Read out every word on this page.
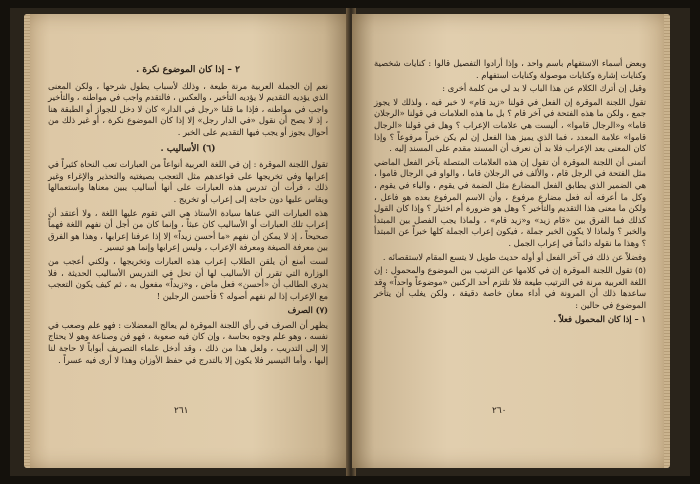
٢ – إذا كان الموضوع نكرة .

نعم إن الجملة العربية مرنة طيعة ، وذلك لأسباب يطول شرحها ، ولكن المعنى الذي يؤديه التقديم لا يؤديه التأخير ، والعكس ، فالتقدم واجب في مواطنه ، والتأخير واجب في مواطنه ، فإذا ما قلنا «رجل في الدار» كان لا دخل للجواز أو الطبقة هنا ، إذ لا يصح أن نقول «في الدار رجل» إلا إذا كان الموضوع نكرة ، أو غير ذلك من أحوال يجوز أو يجب فيها التقديم على الخبر .

(٦) الأساليب .

تقول اللجنة الموقرة : إن في اللغة العربية أنواعاً من العبارات تعب النحاة كثيراً في إعرابها وفي تخريجها على قواعدهم مثل التعجب بصيغتيه والتحذير والإغراء وغير ذلك ، فرأت أن تدرس هذه العبارات على أنها أساليب يبين معناها واستعمالها ويقاس عليها دون حاجة إلى إعراب أو تخريج .

هذه العبارات التي عناها سيادة الأستاذ هي التي تقوم عليها اللغة ، ولا أعتقد أن إعراب تلك العبارات أو الأساليب كان عبثاً ، وإنما كان من أجل أن نفهم اللغة فهماً صحيحاً ، إذ لا يمكن أن نفهم «ما أحسن زيداً» إلا إذا عرفنا إعرابها ، وهذا هو الفرق بين معرفة الصيغة ومعرفة الإعراب ، وليس إعرابها وإنما هو تيسير .

لست أمنع أن يلقن الطلاب إعراب هذه العبارات وتخريجها ، ولكني أعجب من الوزارة التي تقرر أن الأساليب لها أن تحل في التدريس الأساليب الحديثة ، فلا يدري الطالب أن «أحسن» فعل ماض ، و«زيداً» مفعول به ، ثم كيف يكون التعجب مع الإعراب إذا لم نفهم أصوله ؟ فأحسن الرجلين !

(٧) الصرف

يظهر أن الصرف في رأي اللجنة الموقرة لم يعالج المعضلات : فهو علم وصعب في نفسه ، وهو علم وجوه بحاسة ، وإن كان فيه صعوبة ، فهو فن وصناعة وهو لا يحتاج إلا إلى التدريب ، ولعل هذا من ذلك ، وقد أدخل علماء التصريف أبواباً لا حاجة لنا إليها ، وأما التيسير فلا يكون إلا بالتدرج في حفظ الأوزان وهذا لا أرى فيه عسراً .

٢٦١

وبعض أسماء الاستفهام باسم واحد ، وإذا أرادوا التفصيل قالوا : كنايات شخصية وكنايات إشارة وكنايات موصولة وكنايات استفهام .

وقيل إن أترك الكلام عن هذا الباب لا بد لي من كلمة أخرى :

تقول اللجنة الموقرة إن الفعل في قولنا «زيد قام» لا خبر فيه ، ولذلك لا يجوز جمع ، ولكن ما هذه الفتحة في آخر قام ؟ بل ما هذه العلامات في قولنا «الرجلان قاما» و«الرجال قاموا» ، أليست هي علامات الإعراب ؟ وهل في قولنا «الرجال قاموا» علامة المعدد ، فما الذي يميز هذا الفعل إن لم يكن خبراً مرفوعاً ؟ وإذا كان المعنى بعد الإعراب فلا بد أن نعرف أن المسند مقدم على المسند إليه .

أتمنى أن اللجنة الموقرة أن تقول إن هذه العلامات المتصلة بآخر الفعل الماضي مثل الفتحة في الرجل قام ، والألف في الرجلان قاما ، والواو في الرجال قاموا ، هي الضمير الذي يطابق الفعل المضارع مثل الضمة في يقوم ، والياء في يقوم ، وكل ما أعرفه أنه فعل مضارع مرفوع ، وأن الاسم المرفوع بعده هو فاعل ، ولكن ما معنى هذا التقديم والتأخير ؟ وهل هو ضرورة أم اختيار ؟ وإذا كان القول كذلك فما الفرق بين «قام زيد» و«زيد قام» ، ولماذا يجب الفصل بين المبتدأ والخبر ؟ ولماذا لا يكون الخبر جملة ، فيكون إعراب الجملة كلها خبراً عن المبتدأ ؟ وهذا ما نقوله دائماً في إعراب الجمل .

وفضلاً عن ذلك في آخر الفعل أو أوله حديث طويل لا يتسع المقام لاستقصائه .

(٥) تقول اللجنة الموقرة إن في كلامها عن الترتيب بين الموضوع والمحمول : إن اللغة العربية مرنة في الترتيب طيعة فلا تلتزم أحد الركنين «موضوعاً واحداً» وقد ساعدها ذلك أن المرونة في أداء معان خاصة دقيقة ، ولكن يغلب أن يتأخر الموضوع في حالين :

١ – إذا كان المحمول فعلاً .

٢٦٠
